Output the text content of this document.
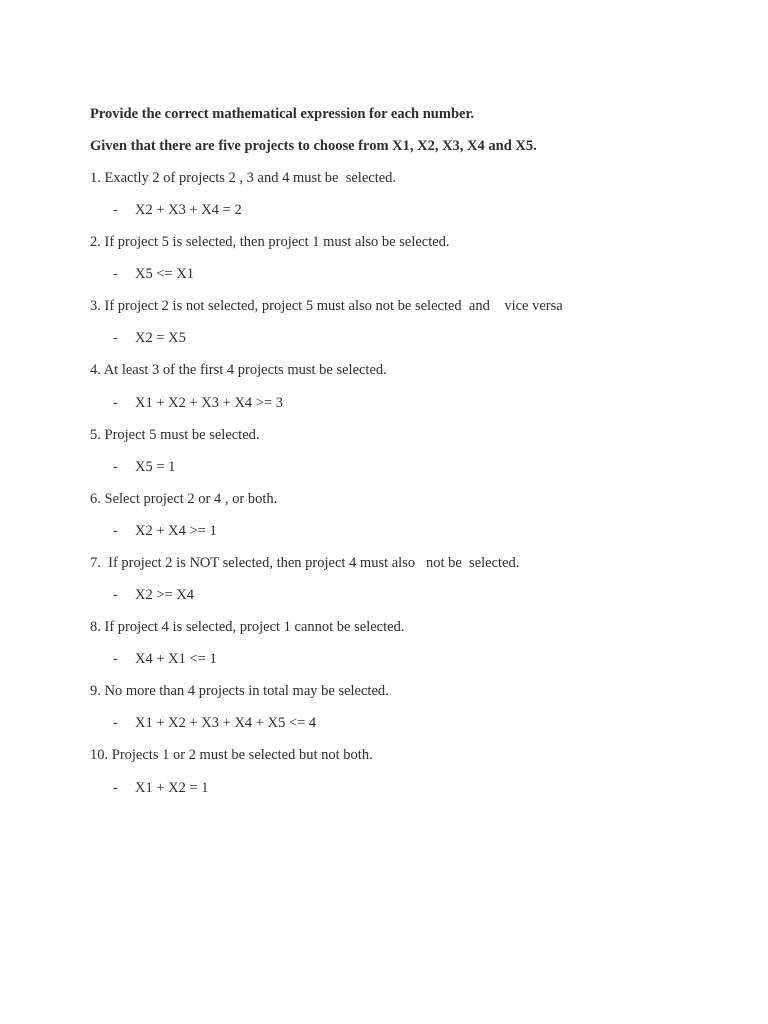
Provide the correct mathematical expression for each number.
Given that there are five projects to choose from X1, X2, X3, X4 and X5.
1. Exactly 2 of projects 2 , 3 and 4 must be  selected.
- X2 + X3 + X4 = 2
2. If project 5 is selected, then project 1 must also be selected.
- X5 <= X1
3. If project 2 is not selected, project 5 must also not be selected  and    vice versa
- X2 = X5
4. At least 3 of the first 4 projects must be selected.
- X1 + X2 + X3 + X4 >= 3
5. Project 5 must be selected.
- X5 = 1
6. Select project 2 or 4 , or both.
- X2 + X4 >= 1
7.  If project 2 is NOT selected, then project 4 must also   not be  selected.
- X2 >= X4
8. If project 4 is selected, project 1 cannot be selected.
- X4 + X1 <= 1
9. No more than 4 projects in total may be selected.
- X1 + X2 + X3 + X4 + X5 <= 4
10. Projects 1 or 2 must be selected but not both.
- X1 + X2 = 1
